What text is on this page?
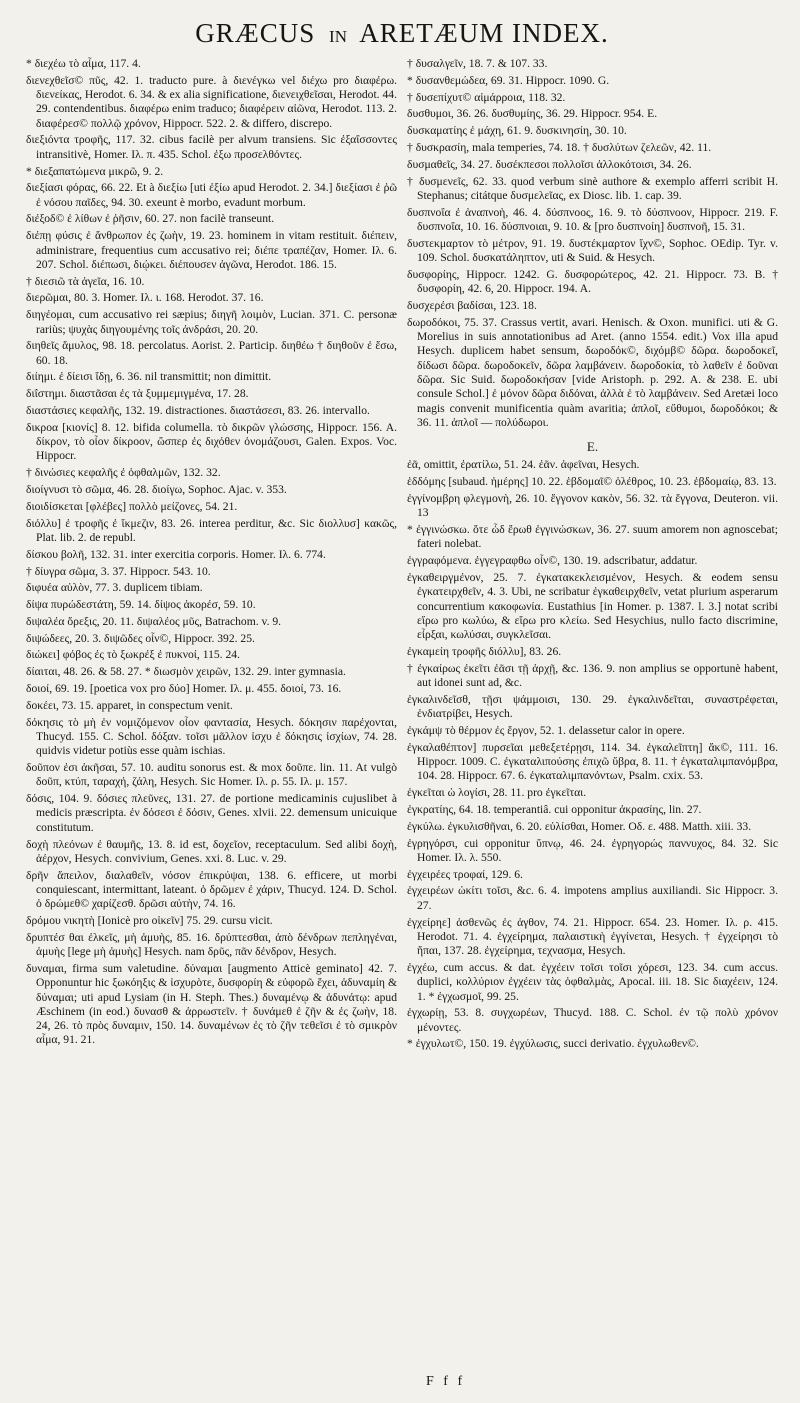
GRÆCUS IN ARETÆUM INDEX.

* διεχέω τὸ αἷμα, 117. 4.

διενεχθεῖσ© πῦς, 42. 1. traducto pure. à διενέγκω vel διέχω pro διαφέρω. διενείκας, Herodot. 6. 34. & ex alia significatione, διενειχθεῖσαι, Herodot. 44. 29. contendentibus. διαφέρω enim traduco; διαφέρειν αἰῶνα, Herodot. 113. 2. διαφέρεσ© πολλῷ χρόνον, Hippocr. 522. 2. & differo, discrepo.

διεξιόντα τροφῆς, 117. 32. cibus facilè per alvum transiens. Sic ἐξαΐσσοντες intransitivè, Homer. Ιλ. π. 435. Schol. ἐξω προσελθόντες.

* διεξαπατώμενα μικρῶ, 9. 2.

διεξίασι φόρας, 66. 22. Et à διεξίω [uti ἐξίω apud Herodot. 2. 34.] διεξίασι ἐ ῥῶ ἐ νόσου παῖδες, 94. 30. exeunt è morbo, evadunt morbum.

διέξοδ© ἐ λίθων ἐ ῥῆσιν, 60. 27. non facilè transeunt.

διέπῃ φύσις ἐ ἄνθρωπον ἐς ζωὴν, 19. 23. hominem in vitam restituit. διέπειν, administrare, frequentius cum accusativo rei; διέπε τραπέζαν, Homer. Ιλ. 6. 207. Schol. διέπωσι, διῴκει. διέπουσεν ἀγῶνα, Herodot. 186. 15.

† διεσιῶ τὰ ἀγεῖα, 16. 10.

διερῶμαι, 80. 3. Homer. Ιλ. ι. 168. Herodot. 37. 16.

διηγέομαι, cum accusativo rei sæpius; διηγῆ λοιμὸν, Lucian. 371. C. personæ rariùs; ψυχὰς διηγουμένης τοῖς ἀνδράσι, 20. 20.

διηθεῖς ἄμυλος, 98. 18. percolatus. Aorist. 2. Particip. διηθέω † διηθοῦν ἐ ἔσω, 60. 18.

διίημι. ἐ δίεισι ἴδῃ, 6. 36. nil transmittit; non dimittit.

διΐστημι. διαστᾶσαι ἐς τὰ ξυμμεμιγμένα, 17. 28.

διαστάσιες κεφαλῆς, 132. 19. distractiones. διαστάσεσι, 83. 26. intervallo.

δικροα [κιονίς] 8. 12. bifida columella. τὸ δικρῶν γλώσσης, Hippocr. 156. A. δίκρον, τὸ οἷον δίκροον, ὥσπερ ἐς διχόθεν ὀνομάζουσι, Galen. Expos. Voc. Hippocr.

† δινώσιες κεφαλῆς ἐ ὀφθαλμῶν, 132. 32.

διοίγνυσι τὸ σῶμα, 46. 28. διοίγω, Sophoc. Ajac. v. 353.

διοιδίσκεται [φλέβες] πολλὸ μείζονες, 54. 21.

διόλλυ] ἐ τροφῆς ἐ ἴκμεζιν, 83. 26. interea perditur, &c. Sic διολλυσ] κακῶς, Plat. lib. 2. de republ.

δίσκου βολῆ, 132. 31. inter exercitia corporis. Homer. Ιλ. 6. 774.

† δίυγρα σῶμα, 3. 37. Hippocr. 543. 10.

διφυέα αὐλὸν, 77. 3. duplicem tibiam.

δίψα πυρώδεστάτη, 59. 14. δίψος ἀκορέσ, 59. 10.

διψαλέα ὄρεξις, 20. 11. διψαλέος μῦς, Batrachom. v. 9.

διψώδεες, 20. 3. διψῶδες οἶν©, Hippocr. 392. 25.

διώκει] φόβος ἐς τὸ ξωκρέξ ἐ πυκνοί, 115. 24.

δίαιται, 48. 26. & 58. 27. * διωσμὸν χειρῶν, 132. 29. inter gymnasia.

δοιοί, 69. 19. [poetica vox pro δύο] Homer. Ιλ. μ. 455. δοιοί, 73. 16.

δοκέει, 73. 15. apparet, in conspectum venit.

δόκησις τὸ μὴ ἐν νομιζόμενον οἷον φαντασία, Hesych. δόκησιν παρέχονται, Thucyd. 155. C. Schol. δόξαν. τοῖσι μᾶλλον ἰσχυ ἐ δόκησις ἰσχίων, 74. 28. quidvis videtur potiùs esse quàm ischias.

δοῦπον ἐσι ἀκῆσαι, 57. 10. auditu sonorus est. & mox δοῦπε. lin. 11. At vulgò δοῦπ, κτύπ, ταραχή, ζάλη, Hesych. Sic Homer. Ιλ. ρ. 55. Ιλ. μ. 157.

δόσις, 104. 9. δόσιες πλεῦνες, 131. 27. de portione medicaminis cujuslibet à medicis præscripta. ἐν δόσεσι ἐ δόσιν, Genes. xlvii. 22. demensum unicuique constitutum.

δοχὴ πλεόνων ἐ θαυμῆς, 13. 8. id est, δοχεῖον, receptaculum. Sed alibi δοχὴ, ἀέρχον, Hesych. convivium, Genes. xxi. 8. Luc. v. 29.

δρῆν ἄπειλον, διαλαθεῖν, νόσον ἐπικρύψαι, 138. 6. efficere, ut morbi conquiescant, intermittant, lateant. ὁ δρῶμεν ἐ χάριν, Thucyd. 124. D. Schol. ὁ δρώμεθ© χαρίζεσθ. δρῶσι αὐτὴν, 74. 16.

δρόμου νικητὴ [Ionicè pro οἰκεῖν] 75. 29. cursu vicit.

δρυπτέσ θαι ἐλκεῖς, μὴ ἀμυὴς, 85. 16. δρύπτεσθαι, ἀπὸ δένδρων πεπληγέναι, ἀμυὴς [lege μὴ ἀμυὴς] Hesych. nam δρῦς, πᾶν δένδρον, Hesych.

δυναμαι, firma sum valetudine. δύναμαι [augmento Atticè geminato] 42. 7. Opponuntur hic ξωκόηξις & ἰσχυρὸτε, δυσφορίη & εὐφορῶ ἔχει, ἀδυναμίη & δύναμαι; uti apud Lysiam (in H. Steph. Thes.) δυναμένῳ & ἀδυνάτῳ: apud Æschinem (in eod.) δυνασθ & ἀρρωστεῖν. † δυνάμεθ ἐ ζῆν & ἐς ζωὴν, 18. 24, 26. τὸ πρὸς δυναμιν, 150. 14. δυναμένων ἐς τὸ ζῆν τεθεῖσι ἐ τὸ σμικρὸν αἷμα, 91. 21.

† δυσαλγεῖν, 18. 7. & 107. 33.

* δυσανθεμώδεα, 69. 31. Hippocr. 1090. G.

† δυσεπίχυτ© αἱμάρροια, 118. 32.

δυσθυμοι, 36. 26. δυσθυμίης, 36. 29. Hippocr. 954. E.

δυσκαματίης ἐ μάχη, 61. 9. δυσκινησίη, 30. 10.

† δυσκρασίη, mala temperies, 74. 18. † δυσλύτων ζελεῶν, 42. 11.

δυσμαθεῖς, 34. 27. δυσέκπεσοι πολλοῖσι ἀλλοκότοισι, 34. 26.

† δυσμενεῖς, 62. 33. quod verbum sinè authore & exemplo afferri scribit H. Stephanus; citátque δυσμελεῖας, ex Diosc. lib. 1. cap. 39.

δυσπνοΐα ἐ ἀναπνοὴ, 46. 4. δύσπνοος, 16. 9. τὸ δύσπνοον, Hippocr. 219. F. δυσπνοΐα, 10. 16. δύσπνοιαι, 9. 10. & [pro δυσπνοίη] δυσπνοῆ, 15. 31.

δυστεκμαρτον τὸ μέτρον, 91. 19. δυστέκμαρτον ἴχν©, Sophoc. OEdip. Tyr. v. 109. Schol. δυσκατάληπτον, uti & Suid. & Hesych.

δυσφορίης, Hippocr. 1242. G. δυσφορώτερος, 42. 21. Hippocr. 73. B. † δυσφορίη, 42. 6, 20. Hippocr. 194. A.

δυσχερέσι βαδίσαι, 123. 18.

δωροδόκοι, 75. 37. Crassus vertit, avari. Henisch. & Oxon. munifici. uti & G. Morelius in suis annotationibus ad Aret. (anno 1554. edit.) Vox illa apud Hesych. duplicem habet sensum, δωροδόκ©, διχόμβ© δῶρα. δωροδοκεῖ, δίδωσι δῶρα. δωροδοκεῖν, δῶρα λαμβάνειν. δωροδοκία, τὸ λαθεῖν ἐ δοῦναι δῶρα. Sic Suid. δωροδοκήσαν [vide Aristoph. p. 292. A. & 238. E. ubi consule Schol.] ἐ μόνον δῶρα διδόναι, ἀλλὰ ἐ τὸ λαμβάνειν. Sed Aretæi loco magis convenit munificentia quàm avaritia; ἁπλοῖ, εὔθυμοι, δωροδόκοι; & 36. 11. ἁπλοῖ — πολύδωροι.

E.

ἐᾶ, omittit, ἐρατίλω, 51. 24. ἐᾶν. ἀφεῖναι, Hesych.

ἑδδόμης [subaud. ἡμέρης] 10. 22. ἑβδομαῖ© ὀλέθρος, 10. 23. ἑβδομαίῳ, 83. 13.

ἐγγίνομβρη φλεγμονὴ, 26. 10. ἔγγονον κακὸν, 56. 32. τὰ ἔγγονα, Deuteron. vii. 13

* ἐγγινώσκω. ὅτε ὧδ ἔρωθ ἐγγινώσκων, 36. 27. suum amorem non agnoscebat; fateri nolebat.

ἐγγραφόμενα. ἐγγεγραφθω οἶν©, 130. 19. adscribatur, addatur.

ἐγκαθειργμένον, 25. 7. ἐγκατακεκλεισμένον, Hesych. & eodem sensu ἐγκατειρχθεῖν, 4. 3. Ubi, ne scribatur ἐγκαθειρχθεῖν, vetat plurium asperarum concurrentium κακοφωνία. Eustathius [in Homer. p. 1387. l. 3.] notat scribi εἴρω pro κωλύω, & εἴρω pro κλείω. Sed Hesychius, nullo facto discrimine, εἶρξαι, κωλύσαι, συγκλεῖσαι.

ἐγκαμείη τροφῆς διόλλυ], 83. 26.

† ἐγκαίρως ἐκεῖτι ἐᾶσι τῇ ἀρχῇ, &c. 136. 9. non amplius se opportunè habent, aut idonei sunt ad, &c.

ἐγκαλινδεῖσθ, τῇσι ψάμμοισι, 130. 29. ἐγκαλινδεῖται, συναστρέφεται, ἐνδιατρίβει, Hesych.

ἐγκάμψ τὸ θέρμον ἐς ἔργον, 52. 1. delassetur calor in opere.

ἐγκαλαθέπτον] πυρσεῖαι μεθεξετέρῃσι, 114. 34. ἐγκαλεῖπτη] ἄκ©, 111. 16. Hippocr. 1009. C. ἐγκαταλιπούσης ἐπιχῶ ὕβρα, 8. 11. † ἐγκαταλιμπανόμβρα, 104. 28. Hippocr. 67. 6. ἐγκαταλιμπανόντων, Psalm. cxix. 53.

ἐγκεῖται ὡ λογίσι, 28. 11. pro ἐγκεῖται.

ἐγκρατίης, 64. 18. temperantiâ. cui opponitur ἀκρασίης, lin. 27.

ἐγκύλω. ἐγκυλισθῆναι, 6. 20. εὐλίσθαι, Homer. Οδ. ε. 488. Matth. xiii. 33.

ἐγρηγόρσι, cui opponitur ὕπνῳ, 46. 24. ἐγρηγορώς παννυχος, 84. 32. Sic Homer. Ιλ. λ. 550.

ἐγχειρέες τροφαί, 129. 6.

ἐγχειρέων ὠκίτι τοῖσι, &c. 6. 4. impotens amplius auxiliandi. Sic Hippocr. 3. 27.

ἐγχείρηε] ἀσθενῶς ἐς ἀγθον, 74. 21. Hippocr. 654. 23. Homer. Ιλ. ρ. 415. Herodot. 71. 4. ἐγχείρημα, παλαιστικὴ ἐγγίνεται, Hesych. † ἐγχείρησι τὸ ἥπαι, 137. 28. ἐγχείρημα, τεχνασμα, Hesych.

ἐγχέω, cum accus. & dat. ἐγχέειν τοῖσι τοῖσι χόρεσι, 123. 34. cum accus. duplici, κολλύριον ἐγχέειν τὰς ὀφθαλμὰς, Apocal. iii. 18. Sic διαχέειν, 124. 1. * ἐγχωσμοῖ, 99. 25.

ἐγχωρίῃ, 53. 8. συγχωρέων, Thucyd. 188. C. Schol. ἐν τῷ πολὺ χρόνον μένοντες.

* ἐγχυλωτ©, 150. 19. ἐγχύλωσις, succi derivatio. ἐγχυλωθεν©.

F f f
